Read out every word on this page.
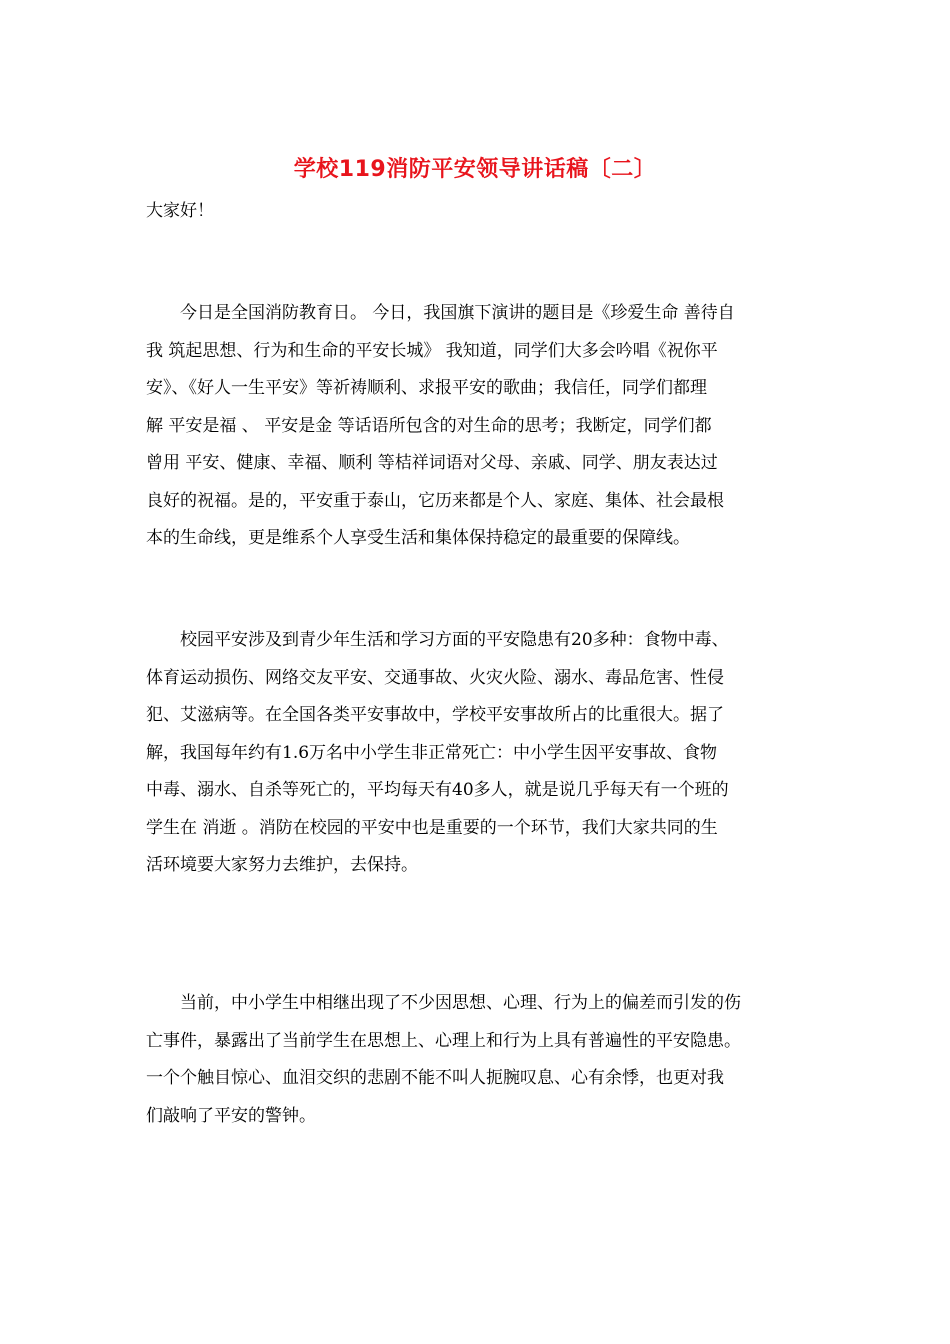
学校119消防平安领导讲话稿〔二〕
大家好！
　　今日是全国消防教育日。 今日，我国旗下演讲的题目是《珍爱生命 善待自
我 筑起思想、行为和生命的平安长城》 我知道，同学们大多会吟唱《祝你平
安》、《好人一生平安》等祈祷顺利、求报平安的歌曲；我信任，同学们都理
解 平安是福 、 平安是金 等话语所包含的对生命的思考；我断定，同学们都
曾用 平安、健康、幸福、顺利 等桔祥词语对父母、亲戚、同学、朋友表达过
良好的祝福。是的，平安重于泰山，它历来都是个人、家庭、集体、社会最根
本的生命线，更是维系个人享受生活和集体保持稳定的最重要的保障线。
　　校园平安涉及到青少年生活和学习方面的平安隐患有20多种：食物中毒、
体育运动损伤、网络交友平安、交通事故、火灾火险、溺水、毒品危害、性侵
犯、艾滋病等。在全国各类平安事故中，学校平安事故所占的比重很大。据了
解，我国每年约有1.6万名中小学生非正常死亡：中小学生因平安事故、食物
中毒、溺水、自杀等死亡的，平均每天有40多人，就是说几乎每天有一个班的
学生在 消逝 。消防在校园的平安中也是重要的一个环节，我们大家共同的生
活环境要大家努力去维护，去保持。
　　当前，中小学生中相继出现了不少因思想、心理、行为上的偏差而引发的伤
亡事件，暴露出了当前学生在思想上、心理上和行为上具有普遍性的平安隐患。
一个个触目惊心、血泪交织的悲剧不能不叫人扼腕叹息、心有余悸，也更对我
们敲响了平安的警钟。
